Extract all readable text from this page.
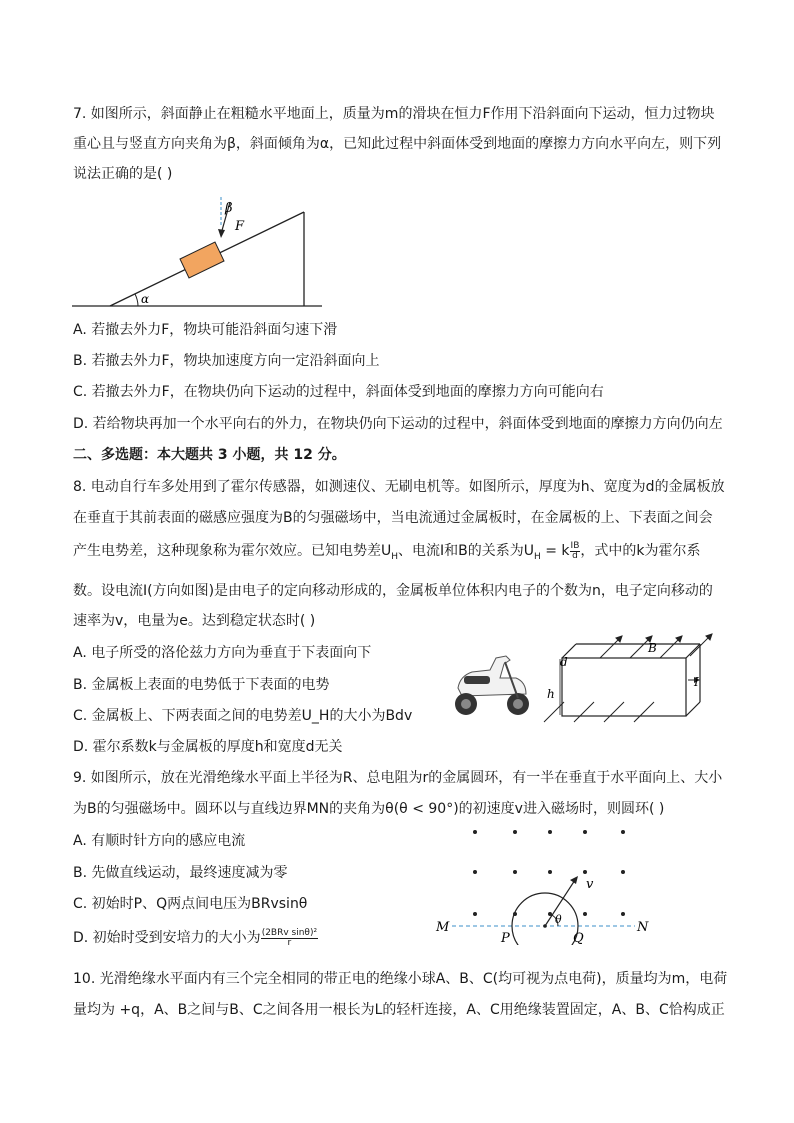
7. 如图所示，斜面静止在粗糙水平地面上，质量为m的滑块在恒力F作用下沿斜面向下运动，恒力过物块
重心且与竖直方向夹角为β，斜面倾角为α，已知此过程中斜面体受到地面的摩擦力方向水平向左，则下列
说法正确的是( )
β
F
α
A. 若撤去外力F，物块可能沿斜面匀速下滑
B. 若撤去外力F，物块加速度方向一定沿斜面向上
C. 若撤去外力F，在物块仍向下运动的过程中，斜面体受到地面的摩擦力方向可能向右
D. 若给物块再加一个水平向右的外力，在物块仍向下运动的过程中，斜面体受到地面的摩擦力方向仍向左
二、多选题：本大题共 3 小题，共 12 分。
8. 电动自行车多处用到了霍尔传感器，如测速仪、无刷电机等。如图所示，厚度为h、宽度为d的金属板放
在垂直于其前表面的磁感应强度为B的匀强磁场中，当电流通过金属板时，在金属板的上、下表面之间会
产生电势差，这种现象称为霍尔效应。已知电势差$U_H$、电流I和B的关系为$U_H = k \frac{IB}{d}$ ，式中的k为霍尔系
数。设电流I(方向如图)是由电子的定向移动形成的，金属板单位体积内电子的个数为n，电子定向移动的
速率为v，电量为e。达到稳定状态时( )
A. 电子所受的洛伦兹力方向为垂直于下表面向下
B. 金属板上表面的电势低于下表面的电势
C. 金属板上、下两表面之间的电势差U_H的大小为Bdv
D. 霍尔系数k与金属板的厚度h和宽度d无关
d
h
B
I
9. 如图所示，放在光滑绝缘水平面上半径为R、总电阻为r的金属圆环，有一半在垂直于水平面向上、大小
为B的匀强磁场中。圆环以与直线边界MN的夹角为θ(θ < 90°)的初速度v进入磁场时，则圆环( )
A. 有顺时针方向的感应电流
B. 先做直线运动，最终速度减为零
C. 初始时P、Q两点间电压为BRvsinθ
D. 初始时受到安培力的大小为 $\frac{\text{(2BRv sinθ)²}}{r}$
M	N
P	Q
v
θ
10. 光滑绝缘水平面内有三个完全相同的带正电的绝缘小球A、B、C(均可视为点电荷)，质量均为m，电荷
量均为 +q，A、B之间与B、C之间各用一根长为L的轻杆连接，A、C用绝缘装置固定，A、B、C恰构成正
